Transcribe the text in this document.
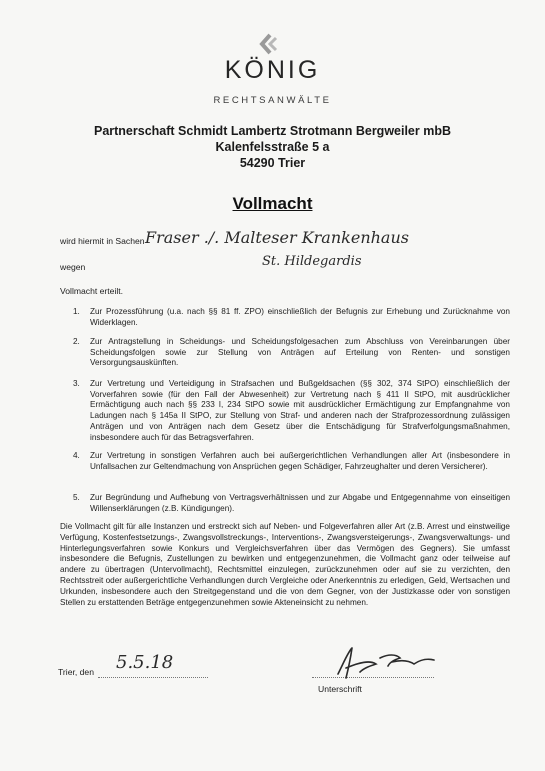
KÖNIG
RECHTSANWÄLTE
Partnerschaft Schmidt Lambertz Strotmann Bergweiler mbB
Kalenfelsstraße 5 a
54290 Trier
Vollmacht
wird hiermit in Sachen Fraser ./. Malteser Krankenhaus
wegen	St. Hildegardis
Vollmacht erteilt.
1. Zur Prozessführung (u.a. nach §§ 81 ff. ZPO) einschließlich der Befugnis zur Erhebung und Zurücknahme von Widerklagen.
2. Zur Antragstellung in Scheidungs- und Scheidungsfolgesachen zum Abschluss von Vereinbarungen über Scheidungsfolgen sowie zur Stellung von Anträgen auf Erteilung von Renten- und sonstigen Versorgungsauskünften.
3. Zur Vertretung und Verteidigung in Strafsachen und Bußgeldsachen (§§ 302, 374 StPO) einschließlich der Vorverfahren sowie (für den Fall der Abwesenheit) zur Vertretung nach § 411 II StPO, mit ausdrücklicher Ermächtigung auch nach §§ 233 I, 234 StPO sowie mit ausdrücklicher Ermächtigung zur Empfangnahme von Ladungen nach § 145a II StPO, zur Stellung von Straf- und anderen nach der Strafprozessordnung zulässigen Anträgen und von Anträgen nach dem Gesetz über die Entschädigung für Strafverfolgungsmaßnahmen, insbesondere auch für das Betragsverfahren.
4. Zur Vertretung in sonstigen Verfahren auch bei außergerichtlichen Verhandlungen aller Art (insbesondere in Unfallsachen zur Geltendmachung von Ansprüchen gegen Schädiger, Fahrzeughalter und deren Versicherer).
5. Zur Begründung und Aufhebung von Vertragsverhältnissen und zur Abgabe und Entgegennahme von einseitigen Willenserklärungen (z.B. Kündigungen).
Die Vollmacht gilt für alle Instanzen und erstreckt sich auf Neben- und Folgeverfahren aller Art (z.B. Arrest und einstweilige Verfügung, Kostenfestsetzungs-, Zwangsvollstreckungs-, Interventions-, Zwangsversteigerungs-, Zwangsverwaltungs- und Hinterlegungsverfahren sowie Konkurs und Vergleichsverfahren über das Vermögen des Gegners). Sie umfasst insbesondere die Befugnis, Zustellungen zu bewirken und entgegenzunehmen, die Vollmacht ganz oder teilweise auf andere zu übertragen (Untervollmacht), Rechtsmittel einzulegen, zurückzunehmen oder auf sie zu verzichten, den Rechtsstreit oder außergerichtliche Verhandlungen durch Vergleiche oder Anerkenntnis zu erledigen, Geld, Wertsachen und Urkunden, insbesondere auch den Streitgegenstand und die von dem Gegner, von der Justizkasse oder von sonstigen Stellen zu erstattenden Beträge entgegenzunehmen sowie Akteneinsicht zu nehmen.
Trier, den 5.5.18
Unterschrift
